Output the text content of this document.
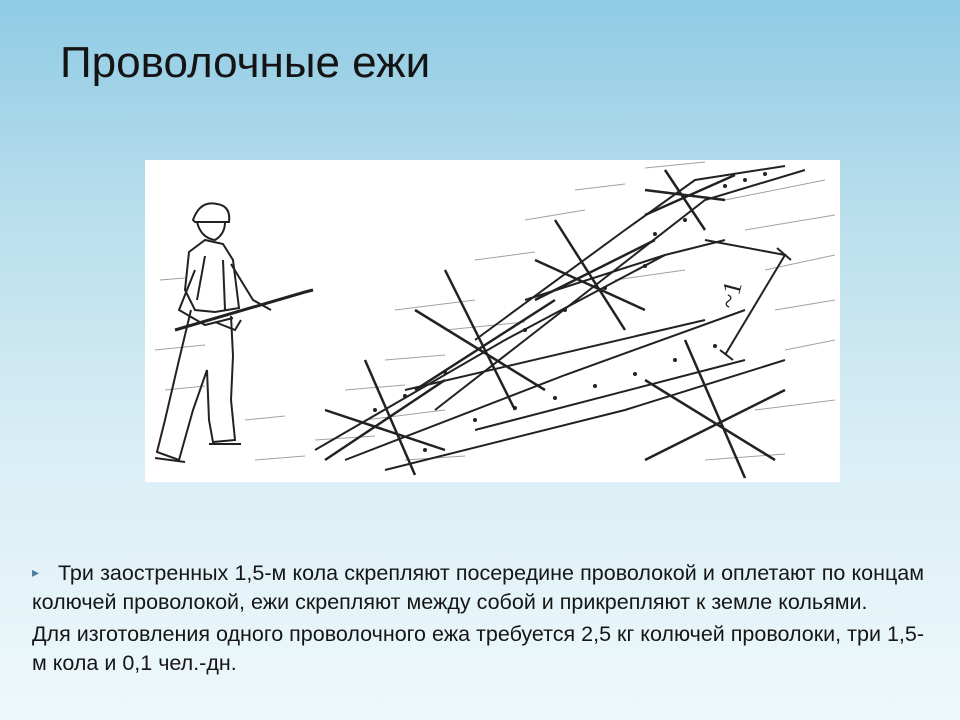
Проволочные ежи
~1

▸ Три заостренных 1,5-м кола скрепляют посередине проволокой и оплетают по концам колючей проволокой, ежи скрепляют между собой и прикрепляют к земле кольями.

Для изготовления одного проволочного ежа требуется 2,5 кг колючей проволоки, три 1,5-м кола и 0,1 чел.-дн.
